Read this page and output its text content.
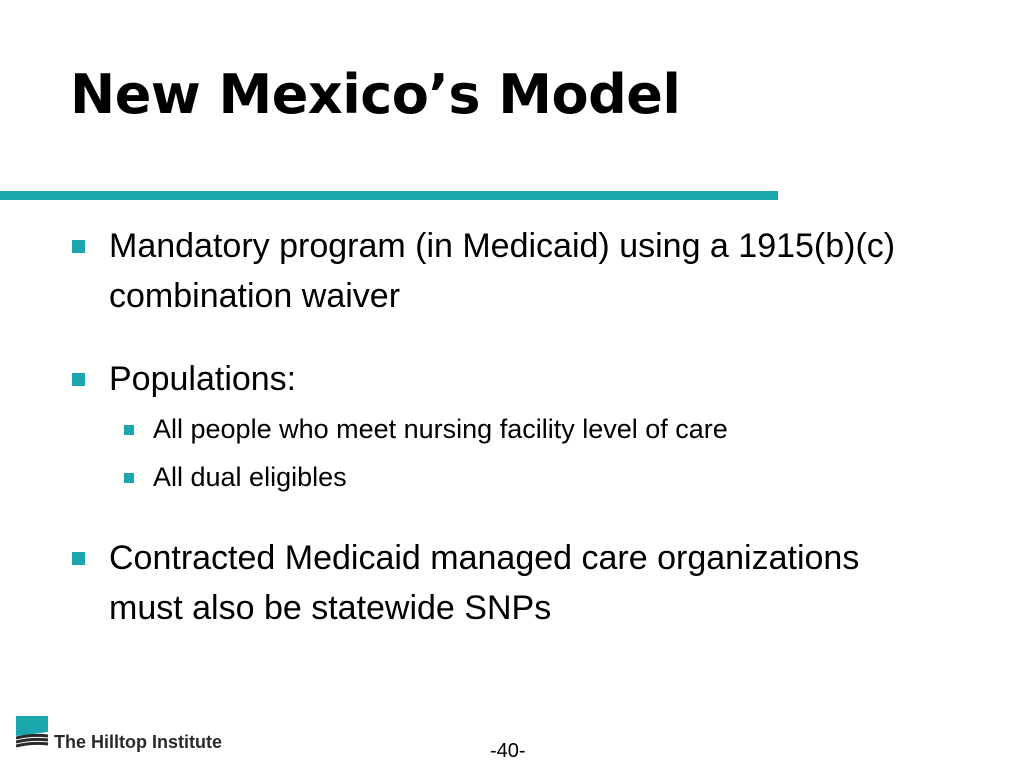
New Mexico’s Model
Mandatory program (in Medicaid) using a 1915(b)(c) combination waiver
Populations:
All people who meet nursing facility level of care
All dual eligibles
Contracted Medicaid managed care organizations must also be statewide SNPs
The Hilltop Institute	-40-
